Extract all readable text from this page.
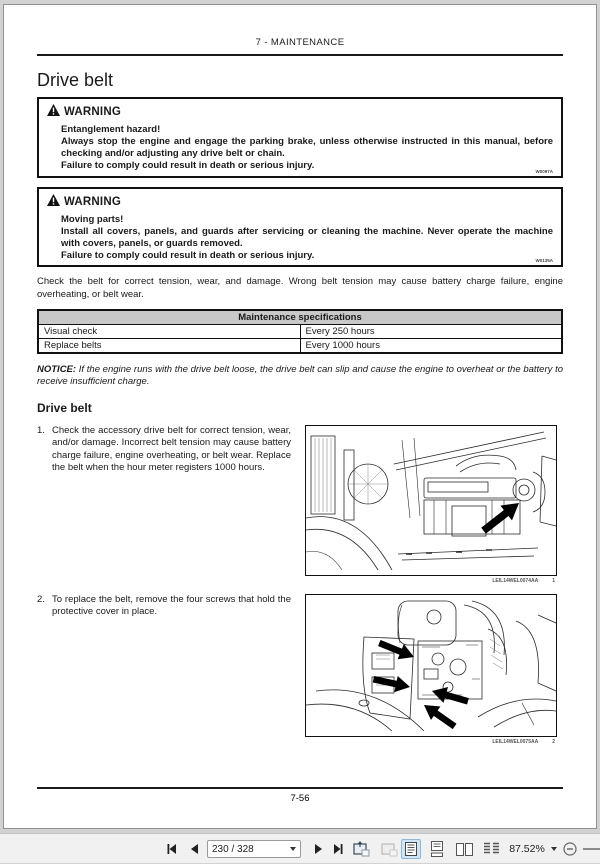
7 - MAINTENANCE
Drive belt
WARNING
Entanglement hazard!
Always stop the engine and engage the parking brake, unless otherwise instructed in this manual, before checking and/or adjusting any drive belt or chain.
Failure to comply could result in death or serious injury.	W0097A
WARNING
Moving parts!
Install all covers, panels, and guards after servicing or cleaning the machine. Never operate the machine with covers, panels, or guards removed.
Failure to comply could result in death or serious injury.	W0135A
Check the belt for correct tension, wear, and damage. Wrong belt tension may cause battery charge failure, engine overheating, or belt wear.
Maintenance specifications	
Visual check	Every 250 hours
Replace belts	Every 1000 hours
NOTICE: If the engine runs with the drive belt loose, the drive belt can slip and cause the engine to overheat or the battery to receive insufficient charge.
Drive belt
1. Check the accessory drive belt for correct tension, wear, and/or damage. Incorrect belt tension may cause battery charge failure, engine overheating, or belt wear. Replace the belt when the hour meter registers 1000 hours.
LEIL14WEL0074AA	1
2. To replace the belt, remove the four screws that hold the protective cover in place.
LEIL14WEL0075AA	2
7-56
230 / 328	87.52%
